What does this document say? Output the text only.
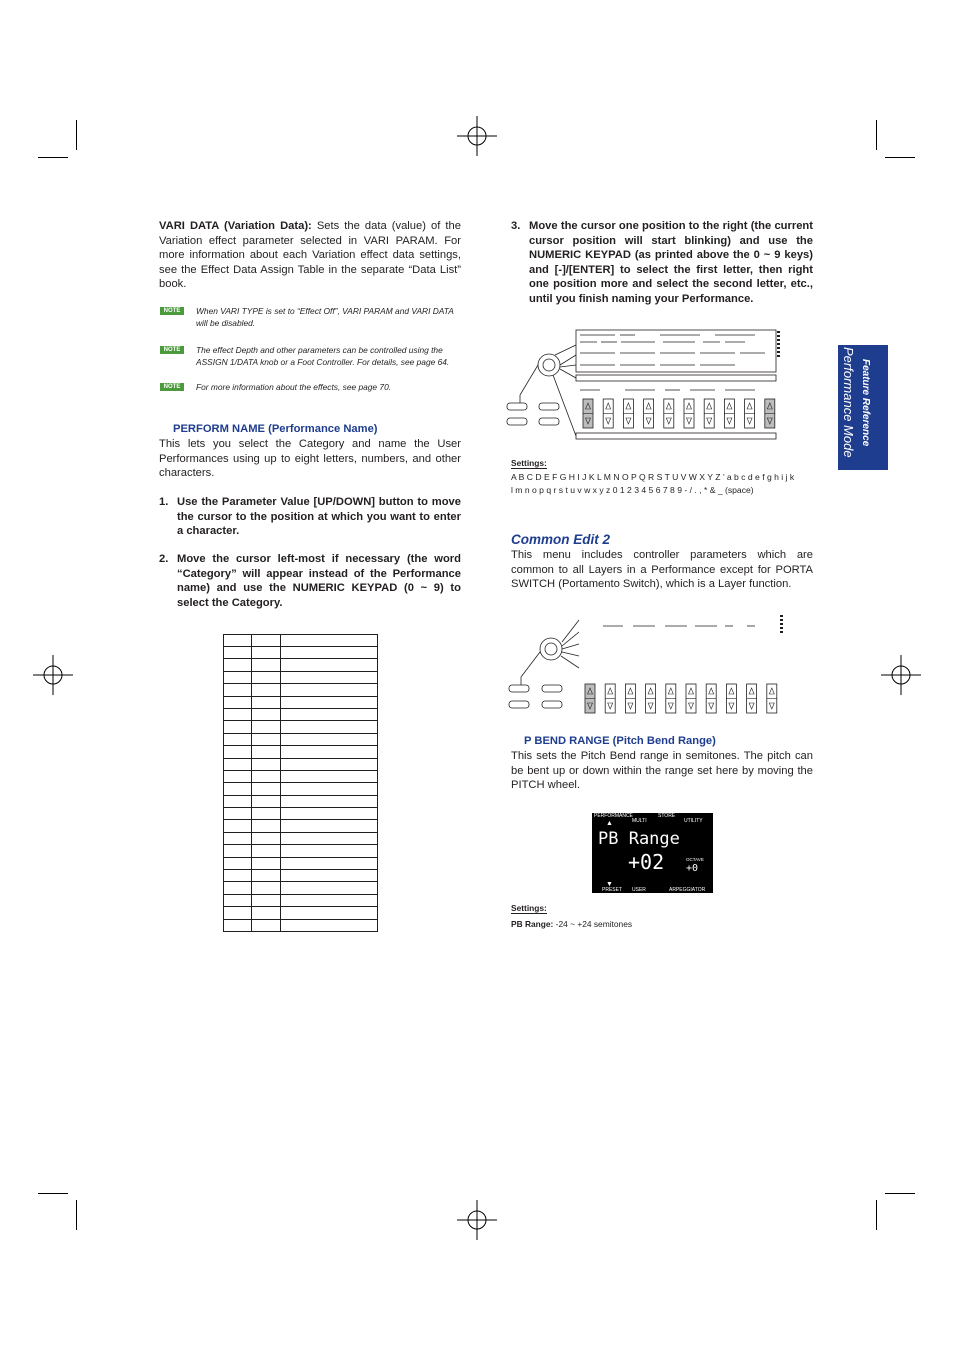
VARI DATA (Variation Data): Sets the data (value) of the Variation effect parameter selected in VARI PARAM. For more information about each Variation effect data settings, see the Effect Data Assign Table in the separate “Data List” book.
NOTE	When VARI TYPE is set to “Effect Off”, VARI PARAM and VARI DATA will be disabled.
NOTE	The effect Depth and other parameters can be controlled using the ASSIGN 1/DATA knob or a Foot Controller. For details, see page 64.
NOTE	For more information about the effects, see page 70.
PERFORM NAME (Performance Name)
This lets you select the Category and name the User Performances using up to eight letters, numbers, and other characters.
1. Use the Parameter Value [UP/DOWN] button to move the cursor to the position at which you want to enter a character.
2. Move the cursor left-most if necessary (the word “Category” will appear instead of the Performance name) and use the NUMERIC KEYPAD (0 ~ 9) to select the Category.

3. Move the cursor one position to the right (the current cursor position will start blinking) and use the NUMERIC KEYPAD (as printed above the 0 ~ 9 keys) and [-]/[ENTER] to select the first letter, then right one position more and select the second letter, etc., until you finish naming your Performance.
Settings:
A B C D E F G H I J K L M N O P Q R S T U V W X Y Z ’ a b c d e f g h i j k
l m n o p q r s t u v w x y z 0 1 2 3 4 5 6 7 8 9 - / . , * & _ (space)
Common Edit 2
This menu includes controller parameters which are common to all Layers in a Performance except for PORTA SWITCH (Portamento Switch), which is a Layer function.
P BEND RANGE (Pitch Bend Range)
This sets the Pitch Bend range in semitones. The pitch can be bent up or down within the range set here by moving the PITCH wheel.
PERFORMANCE
MULTI
STORE
UTILITY
▲
PB Range
+02	OCTAVE
+0
▼
PRESET USER	ARPEGGIATOR
Settings:
PB Range: -24 ~ +24 semitones
Feature Reference
Performance Mode
